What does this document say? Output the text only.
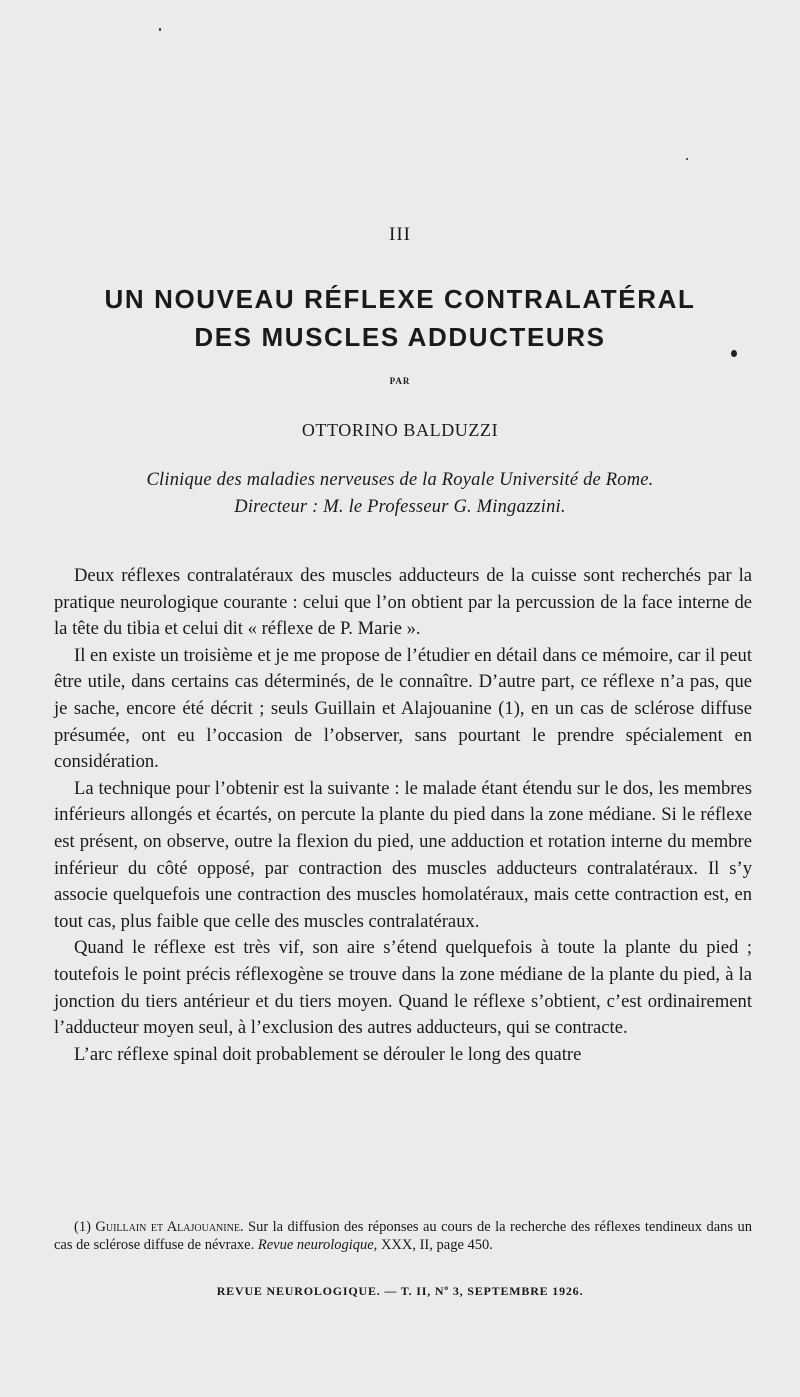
III
UN NOUVEAU RÉFLEXE CONTRALATÉRAL
DES MUSCLES ADDUCTEURS
PAR
OTTORINO BALDUZZI
Clinique des maladies nerveuses de la Royale Université de Rome.
Directeur : M. le Professeur G. Mingazzini.

Deux réflexes contralatéraux des muscles adducteurs de la cuisse sont recherchés par la pratique neurologique courante : celui que l’on obtient par la percussion de la face interne de la tête du tibia et celui dit « réflexe de P. Marie ».

Il en existe un troisième et je me propose de l’étudier en détail dans ce mémoire, car il peut être utile, dans certains cas déterminés, de le connaître. D’autre part, ce réflexe n’a pas, que je sache, encore été décrit ; seuls Guillain et Alajouanine (1), en un cas de sclérose diffuse présumée, ont eu l’occasion de l’observer, sans pourtant le prendre spécialement en considération.

La technique pour l’obtenir est la suivante : le malade étant étendu sur le dos, les membres inférieurs allongés et écartés, on percute la plante du pied dans la zone médiane. Si le réflexe est présent, on observe, outre la flexion du pied, une adduction et rotation interne du membre inférieur du côté opposé, par contraction des muscles adducteurs contralatéraux. Il s’y associe quelquefois une contraction des muscles homolatéraux, mais cette contraction est, en tout cas, plus faible que celle des muscles contralatéraux.

Quand le réflexe est très vif, son aire s’étend quelquefois à toute la plante du pied ; toutefois le point précis réflexogène se trouve dans la zone médiane de la plante du pied, à la jonction du tiers antérieur et du tiers moyen. Quand le réflexe s’obtient, c’est ordinairement l’adducteur moyen seul, à l’exclusion des autres adducteurs, qui se contracte.

L’arc réflexe spinal doit probablement se dérouler le long des quatre

(1) Guillain et Alajouanine. Sur la diffusion des réponses au cours de la recherche des réflexes tendineux dans un cas de sclérose diffuse de névraxe. Revue neurologique, XXX, II, page 450.
REVUE NEUROLOGIQUE. — T. II, Nº 3, SEPTEMBRE 1926.
